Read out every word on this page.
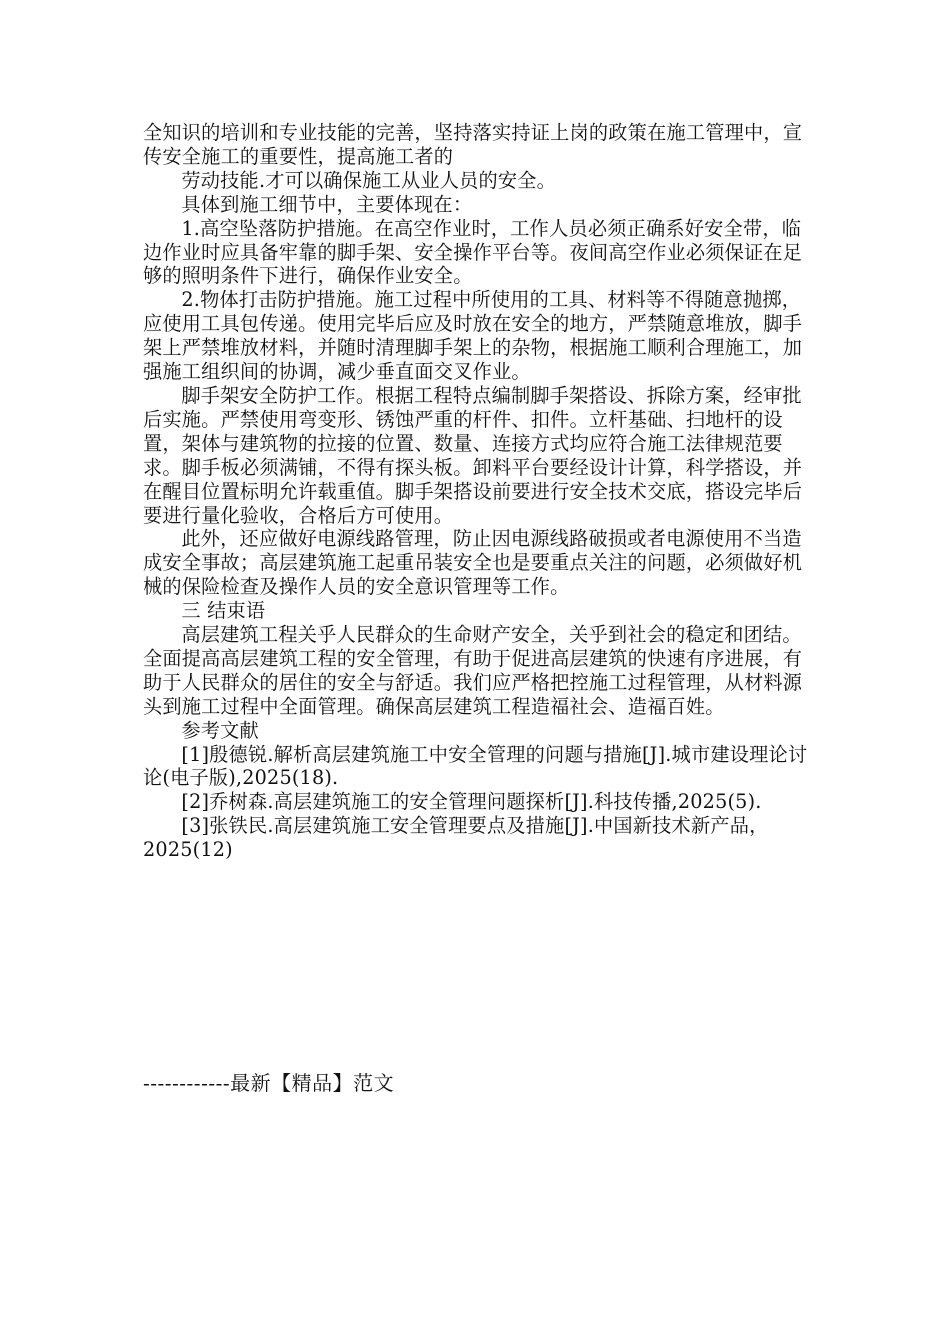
全知识的培训和专业技能的完善，坚持落实持证上岗的政策在施工管理中，宣传安全施工的重要性，提高施工者的

劳动技能.才可以确保施工从业人员的安全。

具体到施工细节中，主要体现在：

1.高空坠落防护措施。在高空作业时，工作人员必须正确系好安全带，临边作业时应具备牢靠的脚手架、安全操作平台等。夜间高空作业必须保证在足够的照明条件下进行，确保作业安全。

2.物体打击防护措施。施工过程中所使用的工具、材料等不得随意抛掷，应使用工具包传递。使用完毕后应及时放在安全的地方，严禁随意堆放，脚手架上严禁堆放材料，并随时清理脚手架上的杂物，根据施工顺利合理施工，加强施工组织间的协调，减少垂直面交叉作业。

脚手架安全防护工作。根据工程特点编制脚手架搭设、拆除方案，经审批后实施。严禁使用弯变形、锈蚀严重的杆件、扣件。立杆基础、扫地杆的设置，架体与建筑物的拉接的位置、数量、连接方式均应符合施工法律规范要求。脚手板必须满铺，不得有探头板。卸料平台要经设计计算，科学搭设，并在醒目位置标明允许载重值。脚手架搭设前要进行安全技术交底，搭设完毕后要进行量化验收，合格后方可使用。

此外，还应做好电源线路管理，防止因电源线路破损或者电源使用不当造成安全事故；高层建筑施工起重吊装安全也是要重点关注的问题，必须做好机械的保险检查及操作人员的安全意识管理等工作。

三 结束语

高层建筑工程关乎人民群众的生命财产安全，关乎到社会的稳定和团结。全面提高高层建筑工程的安全管理，有助于促进高层建筑的快速有序进展，有助于人民群众的居住的安全与舒适。我们应严格把控施工过程管理，从材料源头到施工过程中全面管理。确保高层建筑工程造福社会、造福百姓。

参考文献

[1]殷德锐.解析高层建筑施工中安全管理的问题与措施[J].城市建设理论讨论(电子版),2025(18).

[2]乔树森.高层建筑施工的安全管理问题探析[J].科技传播,2025(5).

[3]张铁民.高层建筑施工安全管理要点及措施[J].中国新技术新产品，2025(12)

------------最新【精品】范文
